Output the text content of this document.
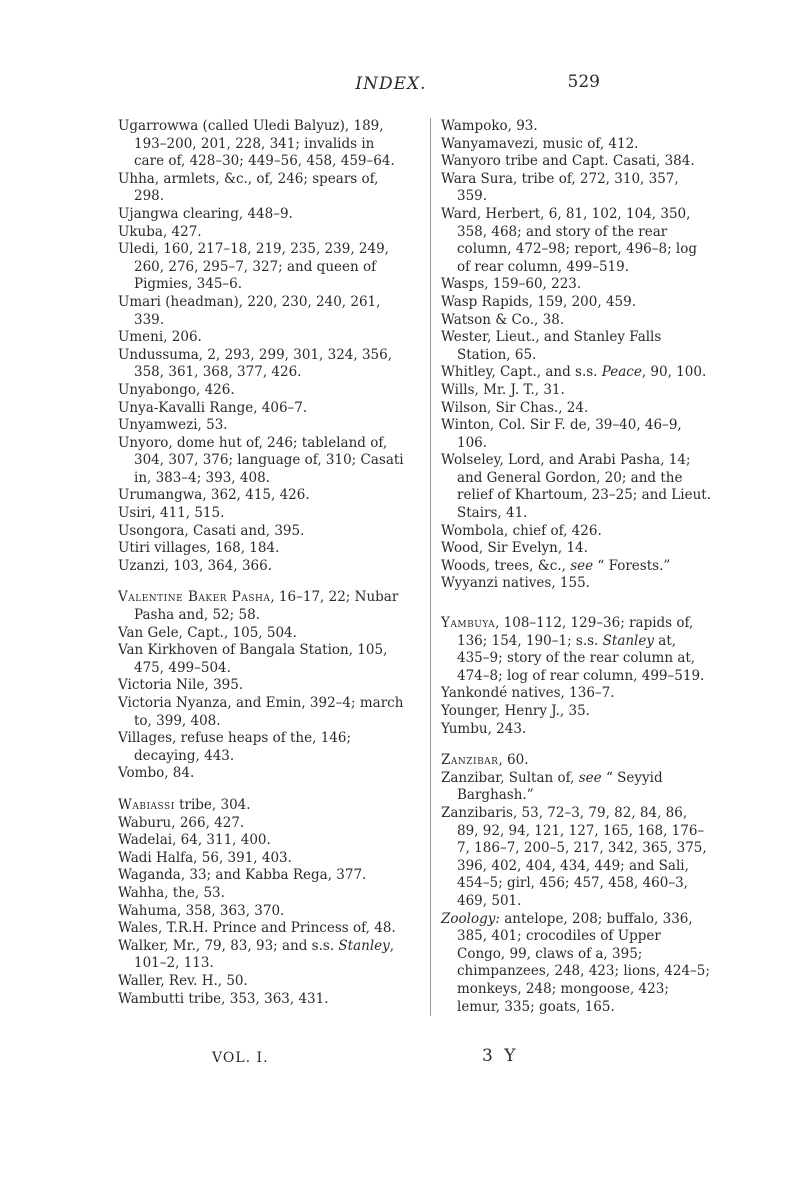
INDEX.	529

Ugarrowwa (called Uledi Balyuz), 189, 193–200, 201, 228, 341; invalids in care of, 428–30; 449–56, 458, 459–64.

Uhha, armlets, &c., of, 246; spears of, 298.

Ujangwa clearing, 448–9.

Ukuba, 427.

Uledi, 160, 217–18, 219, 235, 239, 249, 260, 276, 295–7, 327; and queen of Pigmies, 345–6.

Umari (headman), 220, 230, 240, 261, 339.

Umeni, 206.

Undussuma, 2, 293, 299, 301, 324, 356, 358, 361, 368, 377, 426.

Unyabongo, 426.

Unya-Kavalli Range, 406–7.

Unyamwezi, 53.

Unyoro, dome hut of, 246; tableland of, 304, 307, 376; language of, 310; Casati in, 383–4; 393, 408.

Urumangwa, 362, 415, 426.

Usiri, 411, 515.

Usongora, Casati and, 395.

Utiri villages, 168, 184.

Uzanzi, 103, 364, 366.

Valentine Baker Pasha, 16–17, 22; Nubar Pasha and, 52; 58.

Van Gele, Capt., 105, 504.

Van Kirkhoven of Bangala Station, 105, 475, 499–504.

Victoria Nile, 395.

Victoria Nyanza, and Emin, 392–4; march to, 399, 408.

Villages, refuse heaps of the, 146; decaying, 443.

Vombo, 84.

Wabiassi tribe, 304.

Waburu, 266, 427.

Wadelai, 64, 311, 400.

Wadi Halfa, 56, 391, 403.

Waganda, 33; and Kabba Rega, 377.

Wahha, the, 53.

Wahuma, 358, 363, 370.

Wales, T.R.H. Prince and Princess of, 48.

Walker, Mr., 79, 83, 93; and s.s. Stanley, 101–2, 113.

Waller, Rev. H., 50.

Wambutti tribe, 353, 363, 431.

Wampoko, 93.

Wanyamavezi, music of, 412.

Wanyoro tribe and Capt. Casati, 384.

Wara Sura, tribe of, 272, 310, 357, 359.

Ward, Herbert, 6, 81, 102, 104, 350, 358, 468; and story of the rear column, 472–98; report, 496–8; log of rear column, 499–519.

Wasps, 159–60, 223.

Wasp Rapids, 159, 200, 459.

Watson & Co., 38.

Wester, Lieut., and Stanley Falls Station, 65.

Whitley, Capt., and s.s. Peace, 90, 100.

Wills, Mr. J. T., 31.

Wilson, Sir Chas., 24.

Winton, Col. Sir F. de, 39–40, 46–9, 106.

Wolseley, Lord, and Arabi Pasha, 14; and General Gordon, 20; and the relief of Khartoum, 23–25; and Lieut. Stairs, 41.

Wombola, chief of, 426.

Wood, Sir Evelyn, 14.

Woods, trees, &c., see “ Forests.”

Wyyanzi natives, 155.

Yambuya, 108–112, 129–36; rapids of, 136; 154, 190–1; s.s. Stanley at, 435–9; story of the rear column at, 474–8; log of rear column, 499–519.

Yankondé natives, 136–7.

Younger, Henry J., 35.

Yumbu, 243.

Zanzibar, 60.

Zanzibar, Sultan of, see “ Seyyid Barghash.”

Zanzibaris, 53, 72–3, 79, 82, 84, 86, 89, 92, 94, 121, 127, 165, 168, 176–7, 186–7, 200–5, 217, 342, 365, 375, 396, 402, 404, 434, 449; and Sali, 454–5; girl, 456; 457, 458, 460–3, 469, 501.

Zoology: antelope, 208; buffalo, 336, 385, 401; crocodiles of Upper Congo, 99, claws of a, 395; chimpanzees, 248, 423; lions, 424–5; monkeys, 248; mongoose, 423; lemur, 335; goats, 165.

VOL. I.	3 Y
